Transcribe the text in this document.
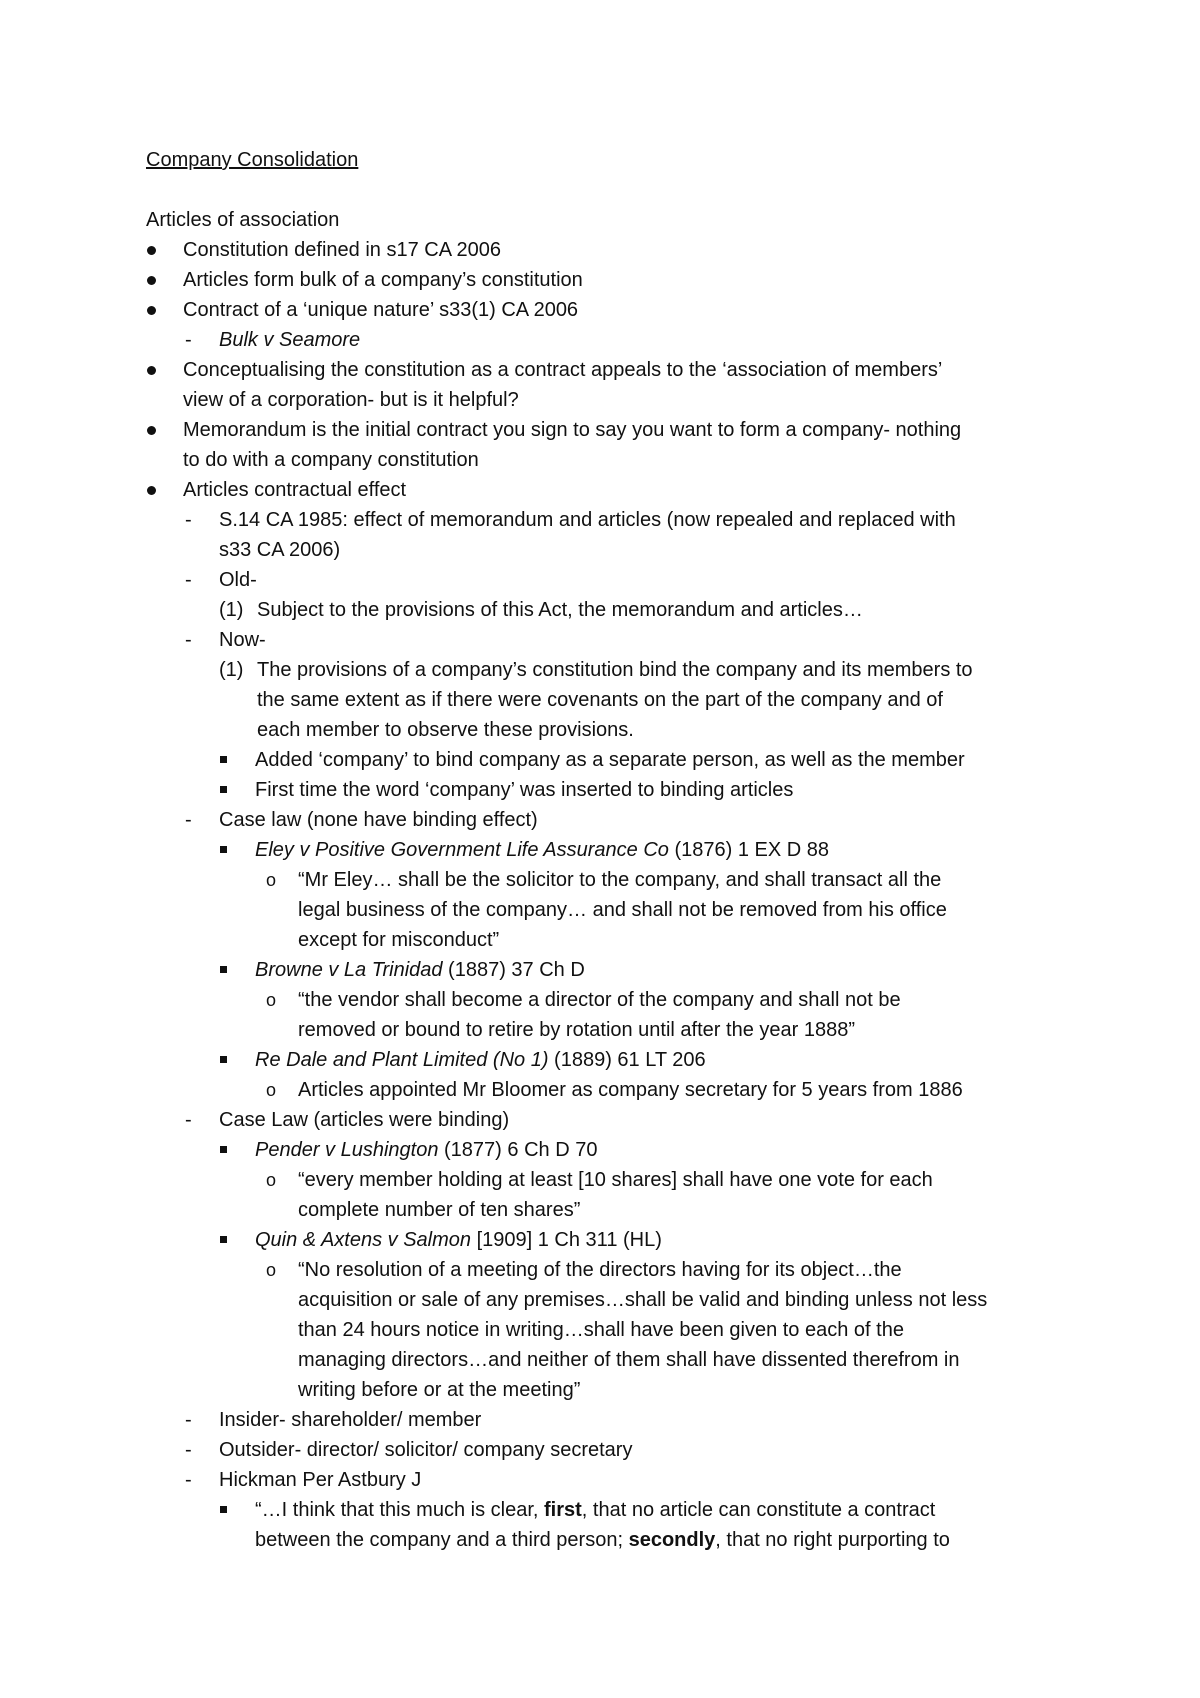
Company Consolidation
Articles of association
Constitution defined in s17 CA 2006
Articles form bulk of a company’s constitution
Contract of a ‘unique nature’ s33(1) CA 2006
- Bulk v Seamore
Conceptualising the constitution as a contract appeals to the ‘association of members’
view of a corporation- but is it helpful?
Memorandum is the initial contract you sign to say you want to form a company- nothing
to do with a company constitution
Articles contractual effect
- S.14 CA 1985: effect of memorandum and articles (now repealed and replaced with
s33 CA 2006)
- Old-
(1) Subject to the provisions of this Act, the memorandum and articles…
- Now-
(1) The provisions of a company’s constitution bind the company and its members to
the same extent as if there were covenants on the part of the company and of
each member to observe these provisions.
Added ‘company’ to bind company as a separate person, as well as the member
First time the word ‘company’ was inserted to binding articles
- Case law (none have binding effect)
Eley v Positive Government Life Assurance Co (1876) 1 EX D 88
o “Mr Eley… shall be the solicitor to the company, and shall transact all the
legal business of the company… and shall not be removed from his office
except for misconduct”
Browne v La Trinidad (1887) 37 Ch D
o “the vendor shall become a director of the company and shall not be
removed or bound to retire by rotation until after the year 1888”
Re Dale and Plant Limited (No 1) (1889) 61 LT 206
o Articles appointed Mr Bloomer as company secretary for 5 years from 1886
- Case Law (articles were binding)
Pender v Lushington (1877) 6 Ch D 70
o “every member holding at least [10 shares] shall have one vote for each
complete number of ten shares”
Quin & Axtens v Salmon [1909] 1 Ch 311 (HL)
o “No resolution of a meeting of the directors having for its object…the
acquisition or sale of any premises…shall be valid and binding unless not less
than 24 hours notice in writing…shall have been given to each of the
managing directors…and neither of them shall have dissented therefrom in
writing before or at the meeting”
- Insider- shareholder/ member
- Outsider- director/ solicitor/ company secretary
- Hickman Per Astbury J
“…I think that this much is clear, first, that no article can constitute a contract
between the company and a third person; secondly, that no right purporting to
